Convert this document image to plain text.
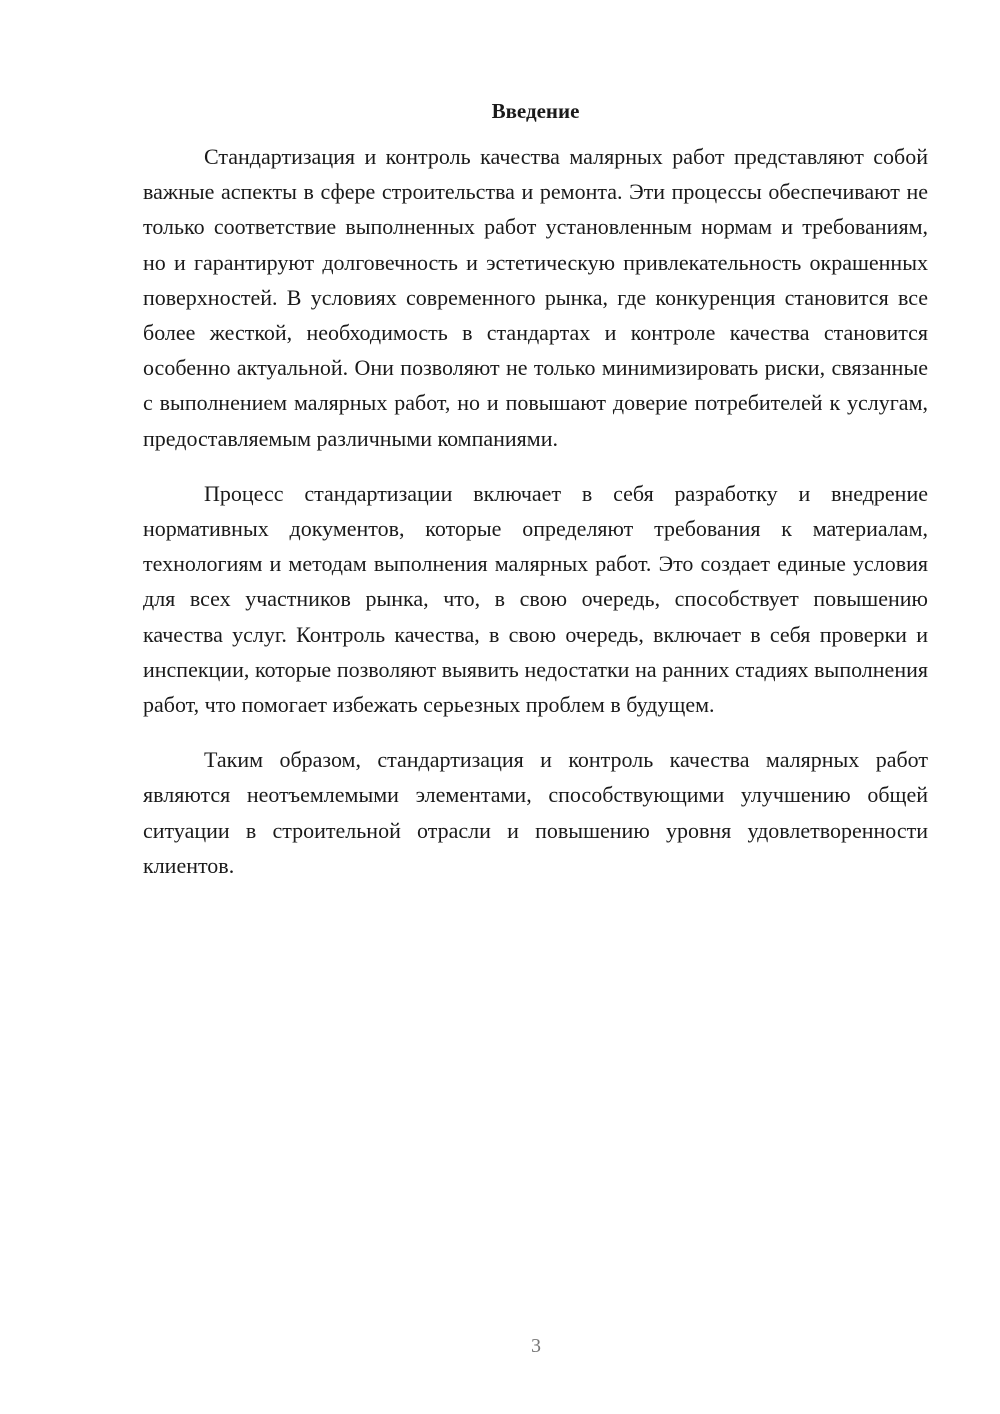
Введение

Стандартизация и контроль качества малярных работ представляют собой важные аспекты в сфере строительства и ремонта. Эти процессы обеспечивают не только соответствие выполненных работ установленным нормам и требованиям, но и гарантируют долговечность и эстетическую привлекательность окрашенных поверхностей. В условиях современного рынка, где конкуренция становится все более жесткой, необходимость в стандартах и контроле качества становится особенно актуальной. Они позволяют не только минимизировать риски, связанные с выполнением малярных работ, но и повышают доверие потребителей к услугам, предоставляемым различными компаниями.

Процесс стандартизации включает в себя разработку и внедрение нормативных документов, которые определяют требования к материалам, технологиям и методам выполнения малярных работ. Это создает единые условия для всех участников рынка, что, в свою очередь, способствует повышению качества услуг. Контроль качества, в свою очередь, включает в себя проверки и инспекции, которые позволяют выявить недостатки на ранних стадиях выполнения работ, что помогает избежать серьезных проблем в будущем.

Таким образом, стандартизация и контроль качества малярных работ являются неотъемлемыми элементами, способствующими улучшению общей ситуации в строительной отрасли и повышению уровня удовлетворенности клиентов.

3
